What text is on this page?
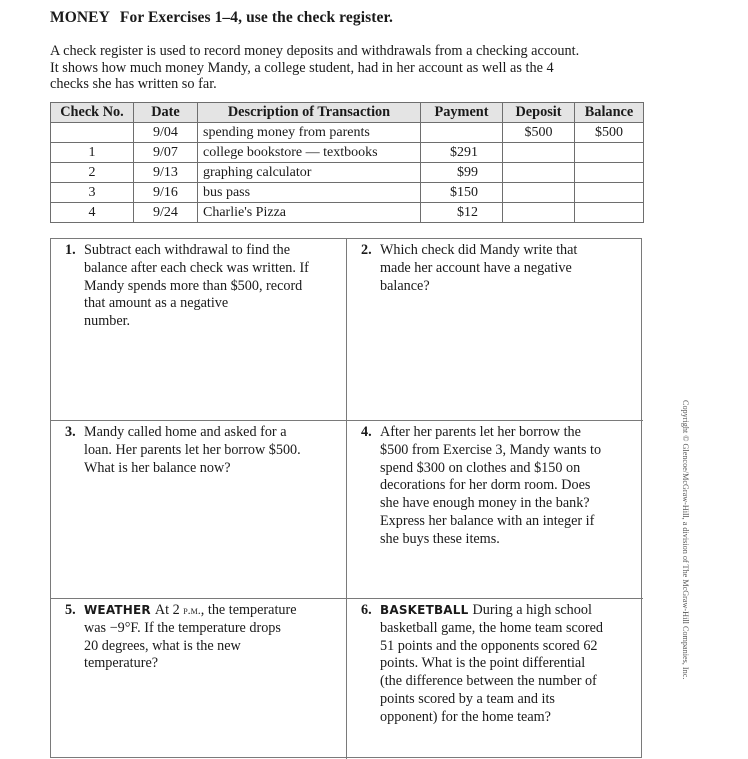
MONEY For Exercises 1–4, use the check register.
A check register is used to record money deposits and withdrawals from a checking account.
It shows how much money Mandy, a college student, had in her account as well as the 4
checks she has written so far.
Check No.	Date	Description of Transaction	Payment	Deposit	Balance
	9/04	spending money from parents		$500	$500
1	9/07	college bookstore — textbooks	$291		
2	9/13	graphing calculator	$99		
3	9/16	bus pass	$150		
4	9/24	Charlie's Pizza	$12		
1. Subtract each withdrawal to find the
balance after each check was written. If
Mandy spends more than $500, record
that amount as a negative
number.
2. Which check did Mandy write that
made her account have a negative
balance?
3. Mandy called home and asked for a
loan. Her parents let her borrow $500.
What is her balance now?
4. After her parents let her borrow the
$500 from Exercise 3, Mandy wants to
spend $300 on clothes and $150 on
decorations for her dorm room. Does
she have enough money in the bank?
Express her balance with an integer if
she buys these items.
5. WEATHER At 2 p.m., the temperature
was −9°F. If the temperature drops
20 degrees, what is the new
temperature?
6. BASKETBALL During a high school
basketball game, the home team scored
51 points and the opponents scored 62
points. What is the point differential
(the difference between the number of
points scored by a team and its
opponent) for the home team?
Copyright © Glencoe/McGraw-Hill, a division of The McGraw-Hill Companies, Inc.
